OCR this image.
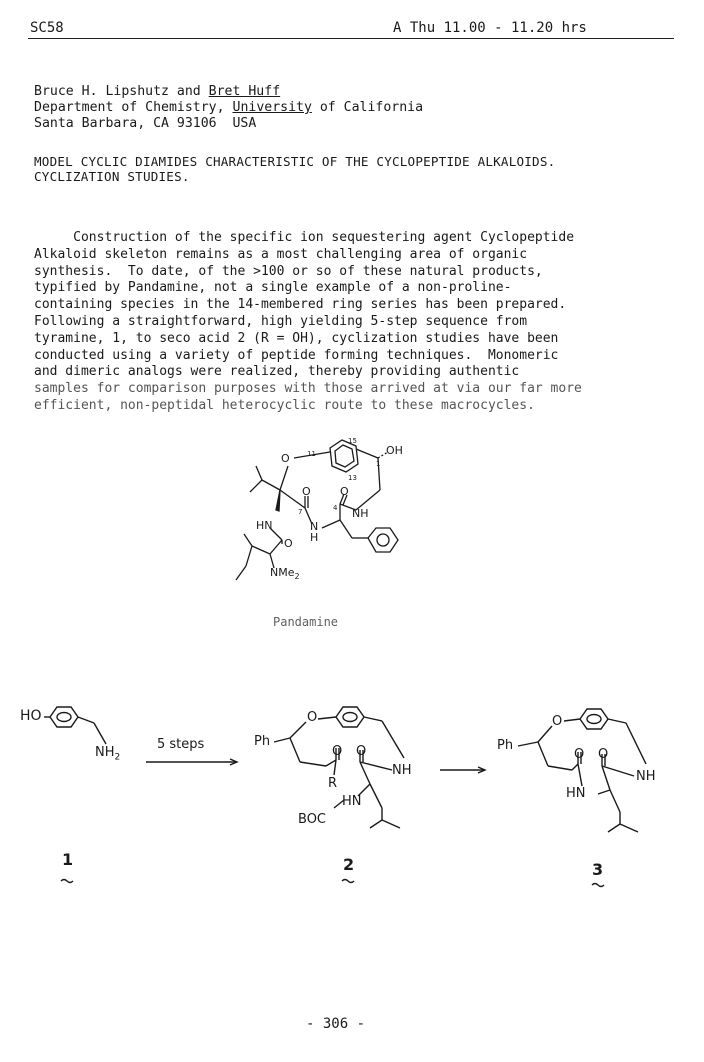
SC58	A Thu 11.00 - 11.20 hrs
Bruce H. Lipshutz and Bret Huff
Department of Chemistry, University of California
Santa Barbara, CA 93106  USA
MODEL CYCLIC DIAMIDES CHARACTERISTIC OF THE CYCLOPEPTIDE ALKALOIDS.
CYCLIZATION STUDIES.
Construction of the specific ion sequestering agent Cyclopeptide
Alkaloid skeleton remains as a most challenging area of organic
synthesis.  To date, of the >100 or so of these natural products,
typified by Pandamine, not a single example of a non-proline-
containing species in the 14-membered ring series has been prepared.
Following a straightforward, high yielding 5-step sequence from
tyramine, 1, to seco acid 2 (R = OH), cyclization studies have been
conducted using a variety of peptide forming techniques.  Monomeric
and dimeric analogs were realized, thereby providing authentic
samples for comparison purposes with those arrived at via our far more
efficient, non-peptidal heterocyclic route to these macrocycles.
O
OH
11
15
13
1
7	4
O	O
NH
HN	N
H
O
NMe$_2$
Pandamine
HO
$NH_2$
1
5 steps	Ph
O
O O
NH
R
HN
BOC
2
Ph
O
O O
NH
HN
3
- 306 -
